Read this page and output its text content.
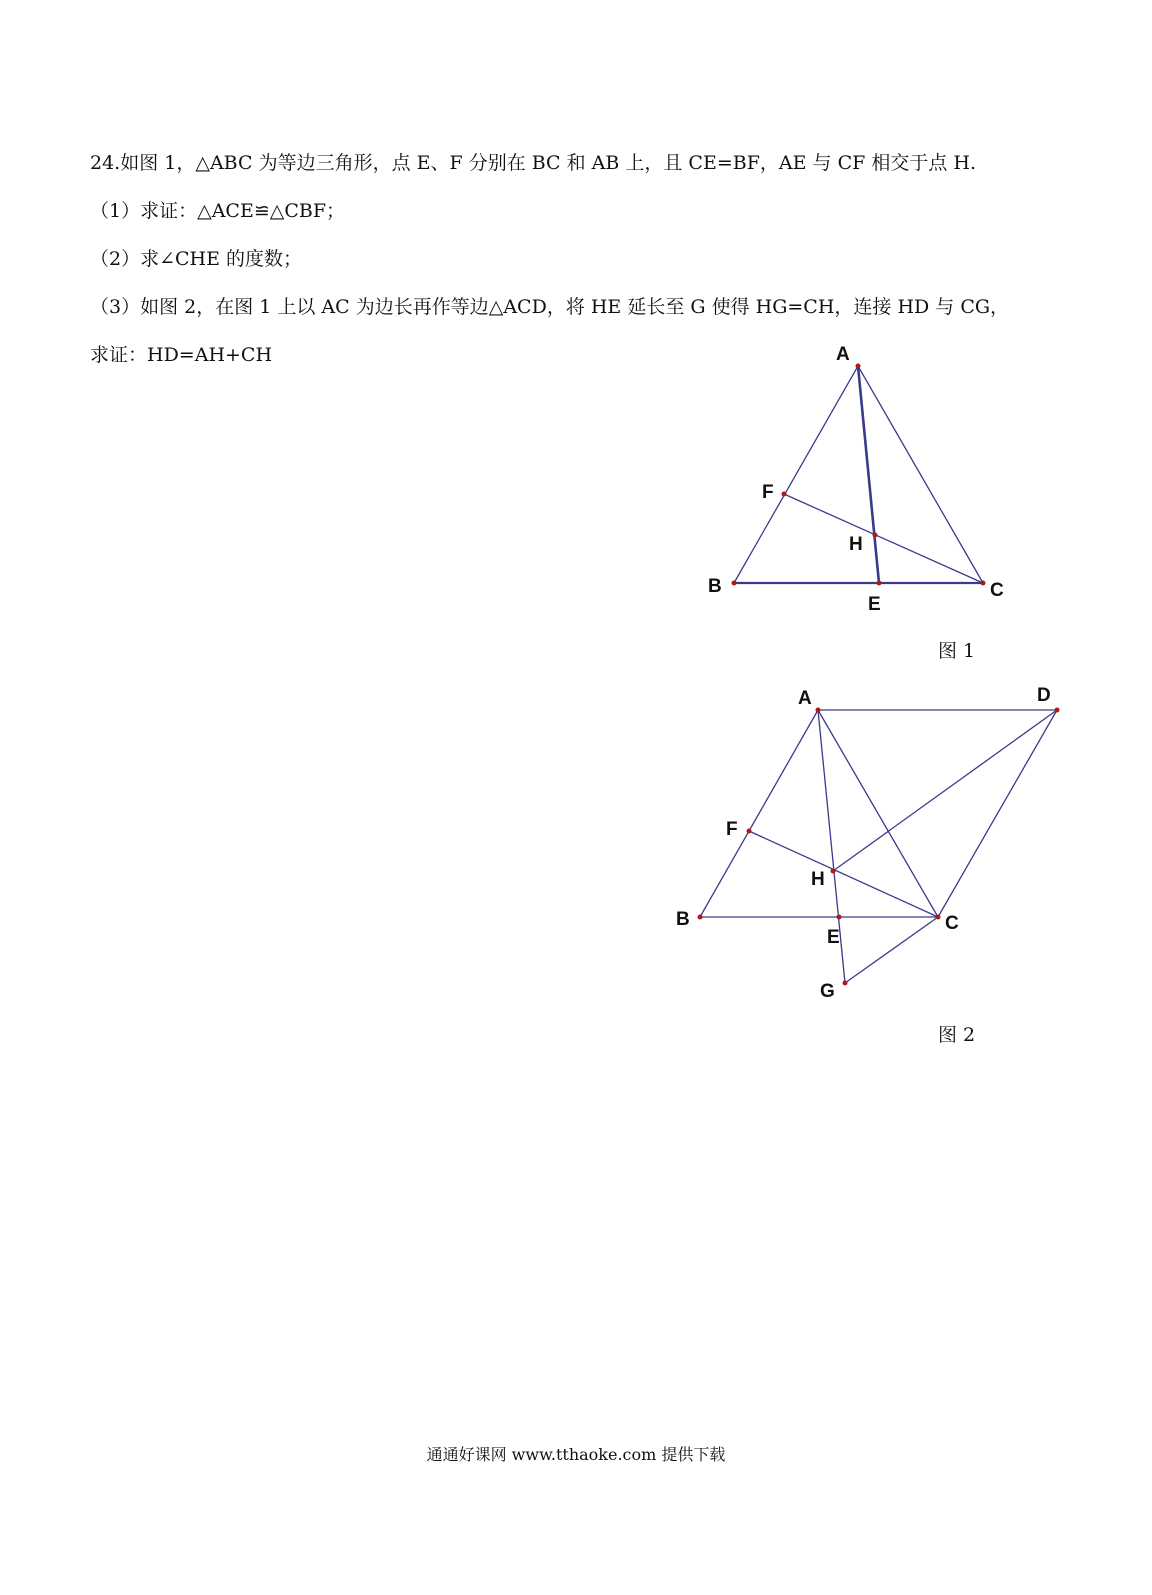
24.如图 1，△ABC 为等边三角形，点 E、F 分别在 BC 和 AB 上，且 CE=BF，AE 与 CF 相交于点 H.
（1）求证：△ACE≌△CBF；
（2）求∠CHE 的度数；
（3）如图 2，在图 1 上以 AC 为边长再作等边△ACD，将 HE 延长至 G 使得 HG=CH，连接 HD 与 CG，
求证：HD=AH+CH	A
B	C
E
F
H
图 1
A
B	C
D
E
F
G
H
图 2
通通好课网 www.tthaoke.com 提供下载
